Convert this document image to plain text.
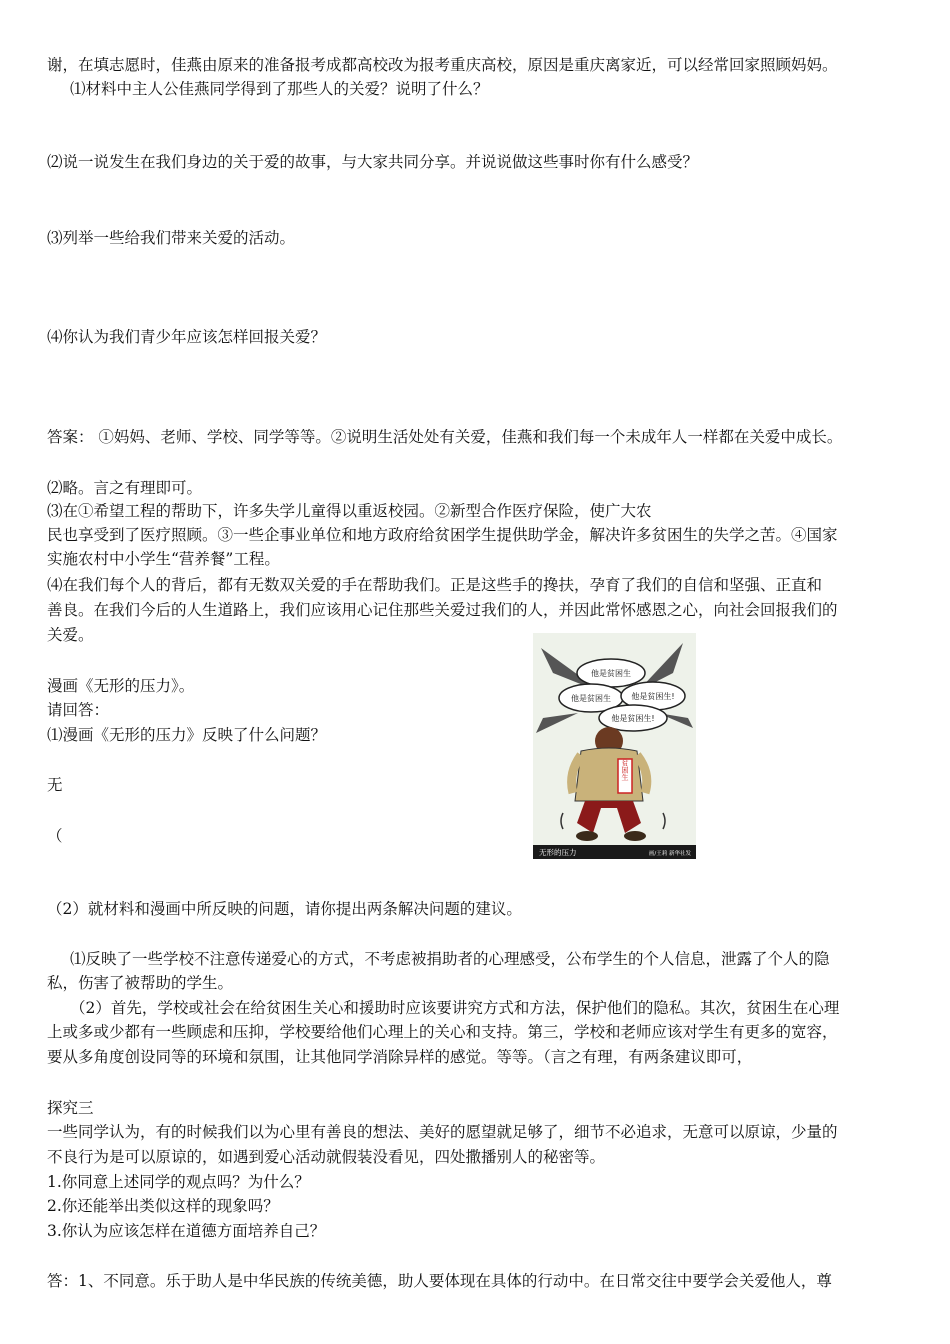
谢，在填志愿时，佳燕由原来的准备报考成都高校改为报考重庆高校，原因是重庆离家近，可以经常回家照顾妈妈。
⑴材料中主人公佳燕同学得到了那些人的关爱？说明了什么？
⑵说一说发生在我们身边的关于爱的故事，与大家共同分享。并说说做这些事时你有什么感受？
⑶列举一些给我们带来关爱的活动。
⑷你认为我们青少年应该怎样回报关爱？
答案： ①妈妈、老师、学校、同学等等。②说明生活处处有关爱，佳燕和我们每一个未成年人一样都在关爱中成长。
⑵略。言之有理即可。
⑶在①希望工程的帮助下，许多失学儿童得以重返校园。②新型合作医疗保险，使广大农
民也享受到了医疗照顾。③一些企事业单位和地方政府给贫困学生提供助学金，解决许多贫困生的失学之苦。④国家
实施农村中小学生“营养餐”工程。
⑷在我们每个人的背后，都有无数双关爱的手在帮助我们。正是这些手的搀扶，孕育了我们的自信和坚强、正直和
善良。在我们今后的人生道路上，我们应该用心记住那些关爱过我们的人，并因此常怀感恩之心，向社会回报我们的
关爱。
漫画《无形的压力》。
请回答：
⑴漫画《无形的压力》反映了什么问题？
无
（
（2）就材料和漫画中所反映的问题，请你提出两条解决问题的建议。
⑴反映了一些学校不注意传递爱心的方式，不考虑被捐助者的心理感受，公布学生的个人信息，泄露了个人的隐
私，伤害了被帮助的学生。
（2）首先，学校或社会在给贫困生关心和援助时应该要讲究方式和方法，保护他们的隐私。其次，贫困生在心理
上或多或少都有一些顾虑和压抑，学校要给他们心理上的关心和支持。第三，学校和老师应该对学生有更多的宽容，
要从多角度创设同等的环境和氛围，让其他同学消除异样的感觉。等等。（言之有理，有两条建议即可，
探究三
一些同学认为，有的时候我们以为心里有善良的想法、美好的愿望就足够了，细节不必追求，无意可以原谅，少量的
不良行为是可以原谅的，如遇到爱心活动就假装没看见，四处撒播别人的秘密等。
1.你同意上述同学的观点吗？为什么？
2.你还能举出类似这样的现象吗？
3.你认为应该怎样在道德方面培养自己？
答：1、不同意。乐于助人是中华民族的传统美德，助人要体现在具体的行动中。在日常交往中要学会关爱他人，尊
他是贫困生
他是贫困生	他是贫困生!
他是贫困生!
贫困生
无形的压力	画/王莉 新华社发
